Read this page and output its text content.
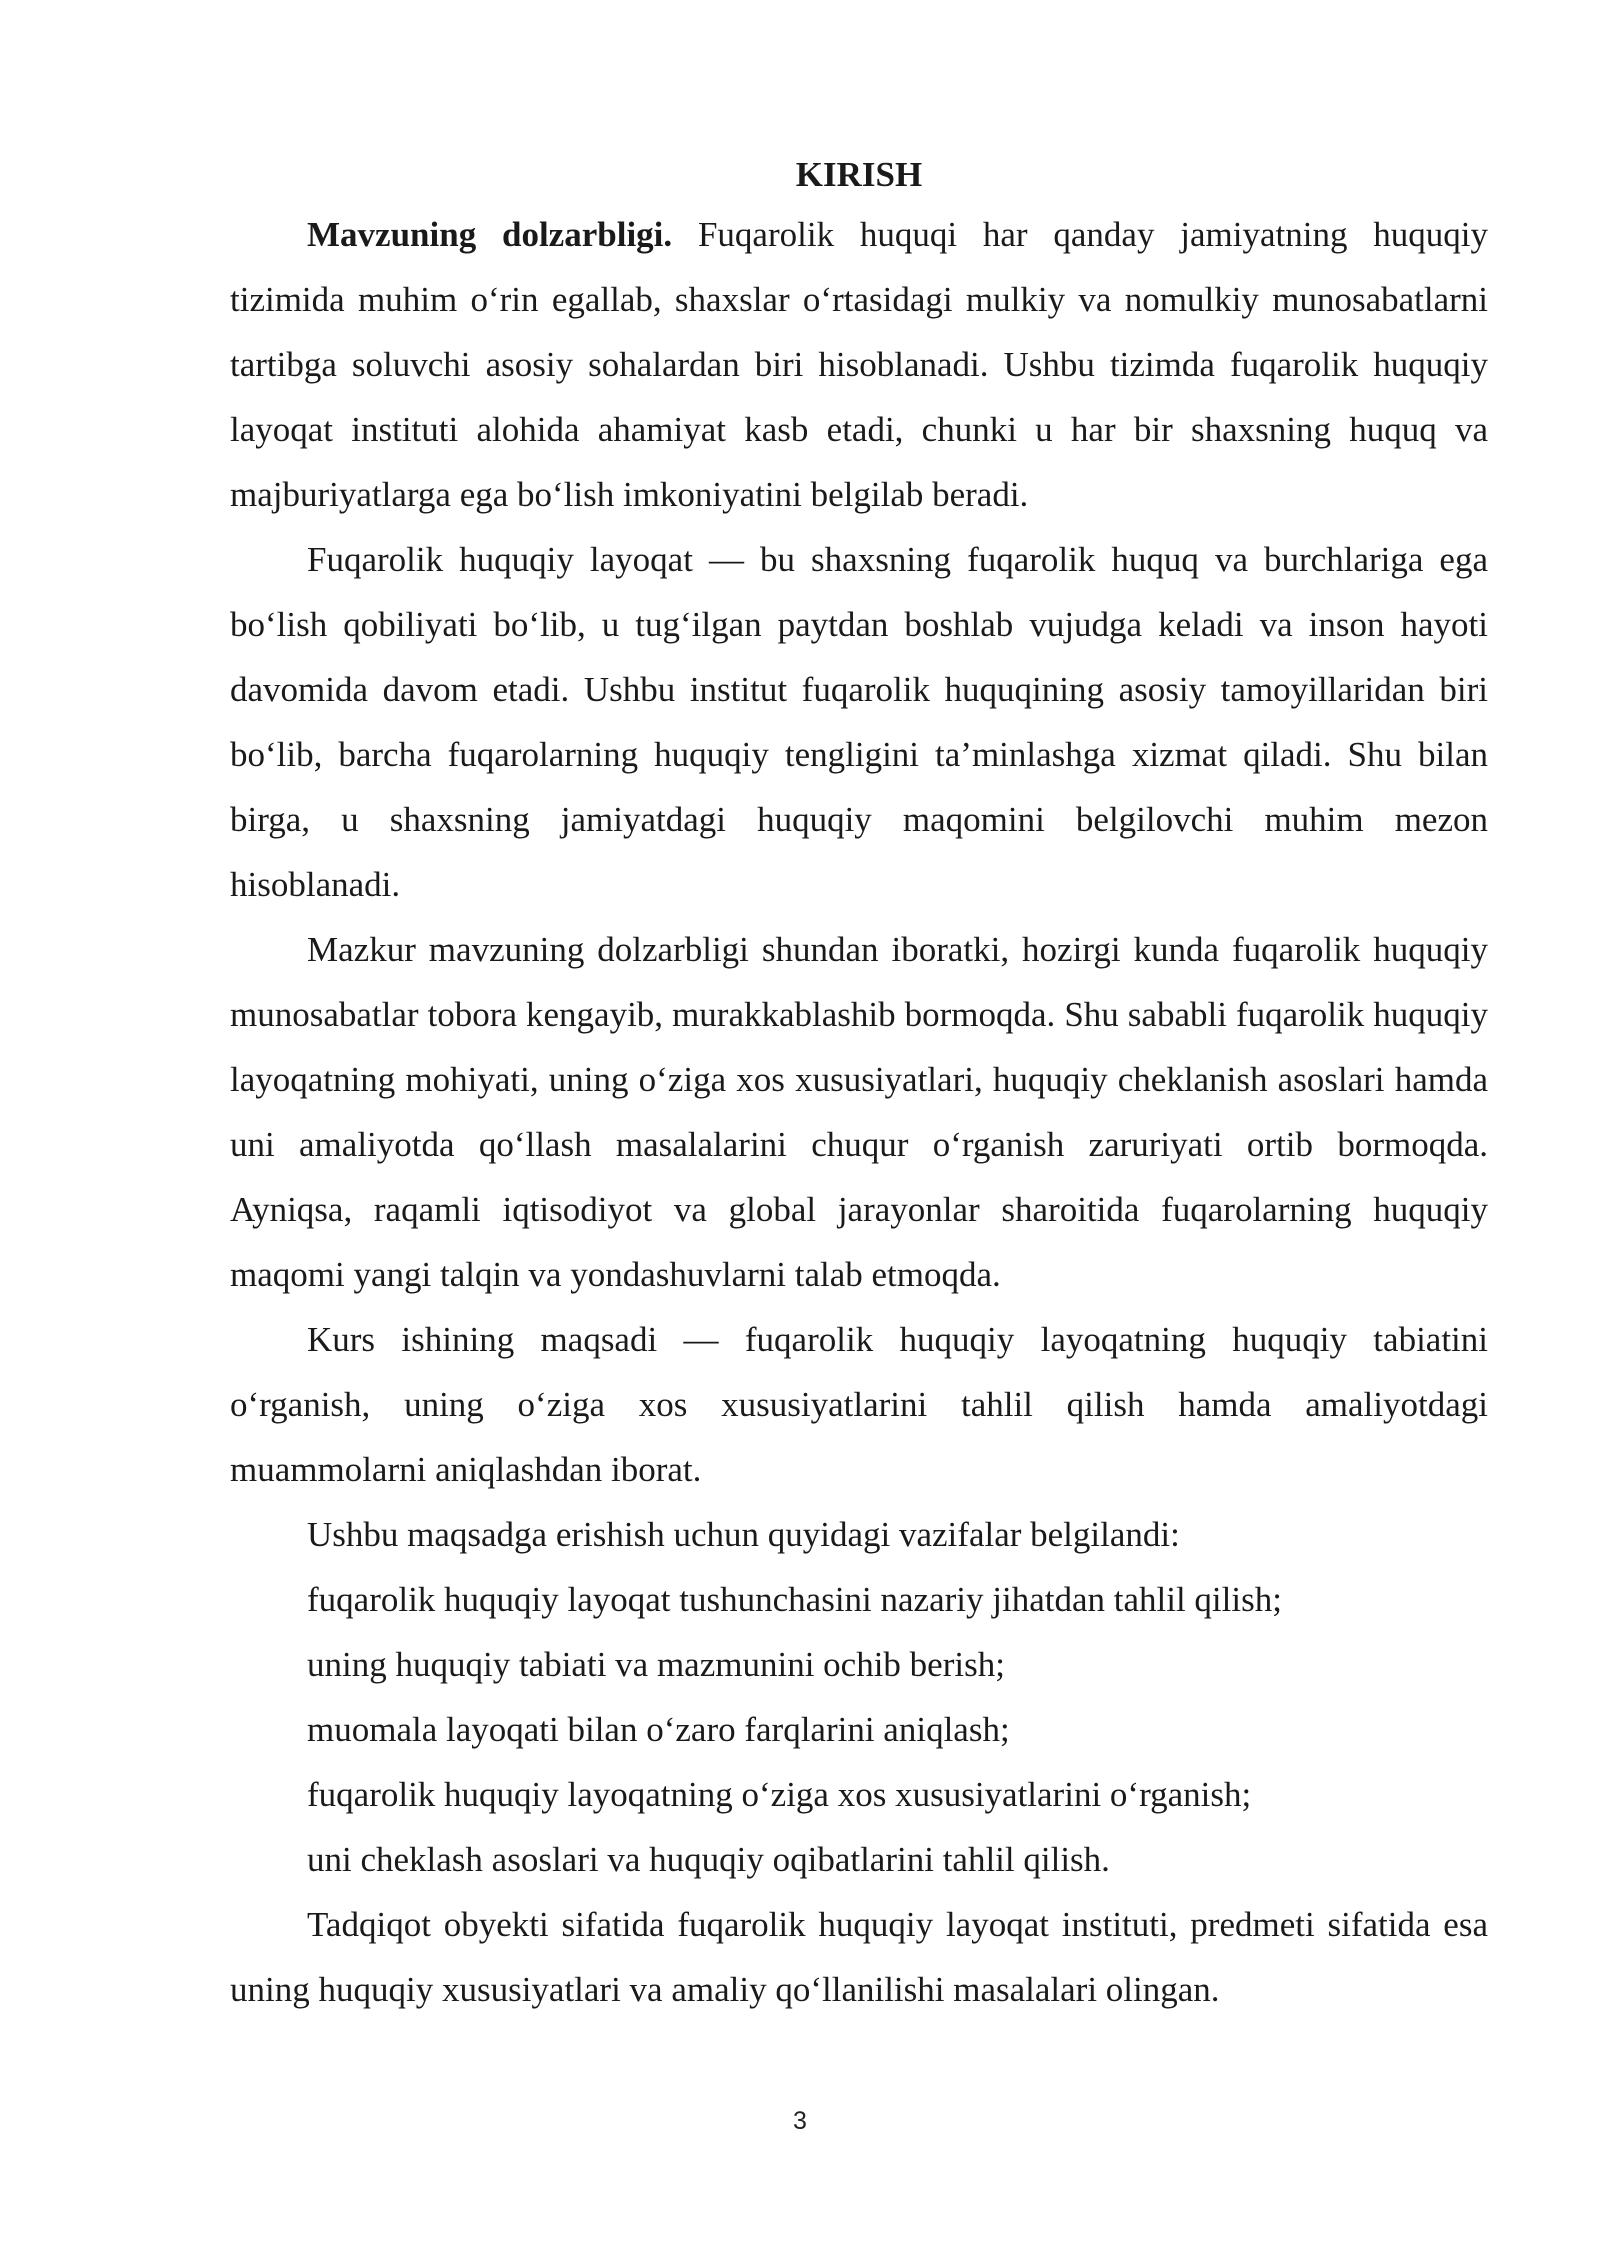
KIRISH

Mavzuning dolzarbligi. Fuqarolik huquqi har qanday jamiyatning huquqiy tizimida muhim o‘rin egallab, shaxslar o‘rtasidagi mulkiy va nomulkiy munosabatlarni tartibga soluvchi asosiy sohalardan biri hisoblanadi. Ushbu tizimda fuqarolik huquqiy layoqat instituti alohida ahamiyat kasb etadi, chunki u har bir shaxsning huquq va majburiyatlarga ega bo‘lish imkoniyatini belgilab beradi.

Fuqarolik huquqiy layoqat — bu shaxsning fuqarolik huquq va burchlariga ega bo‘lish qobiliyati bo‘lib, u tug‘ilgan paytdan boshlab vujudga keladi va inson hayoti davomida davom etadi. Ushbu institut fuqarolik huquqining asosiy tamoyillaridan biri bo‘lib, barcha fuqarolarning huquqiy tengligini ta’minlashga xizmat qiladi. Shu bilan birga, u shaxsning jamiyatdagi huquqiy maqomini belgilovchi muhim mezon hisoblanadi.

Mazkur mavzuning dolzarbligi shundan iboratki, hozirgi kunda fuqarolik huquqiy munosabatlar tobora kengayib, murakkablashib bormoqda. Shu sababli fuqarolik huquqiy layoqatning mohiyati, uning o‘ziga xos xususiyatlari, huquqiy cheklanish asoslari hamda uni amaliyotda qo‘llash masalalarini chuqur o‘rganish zaruriyati ortib bormoqda. Ayniqsa, raqamli iqtisodiyot va global jarayonlar sharoitida fuqarolarning huquqiy maqomi yangi talqin va yondashuvlarni talab etmoqda.

Kurs ishining maqsadi — fuqarolik huquqiy layoqatning huquqiy tabiatini o‘rganish, uning o‘ziga xos xususiyatlarini tahlil qilish hamda amaliyotdagi muammolarni aniqlashdan iborat.

Ushbu maqsadga erishish uchun quyidagi vazifalar belgilandi:

fuqarolik huquqiy layoqat tushunchasini nazariy jihatdan tahlil qilish;
uning huquqiy tabiati va mazmunini ochib berish;
muomala layoqati bilan o‘zaro farqlarini aniqlash;
fuqarolik huquqiy layoqatning o‘ziga xos xususiyatlarini o‘rganish;
uni cheklash asoslari va huquqiy oqibatlarini tahlil qilish.

Tadqiqot obyekti sifatida fuqarolik huquqiy layoqat instituti, predmeti sifatida esa uning huquqiy xususiyatlari va amaliy qo‘llanilishi masalalari olingan.

3
